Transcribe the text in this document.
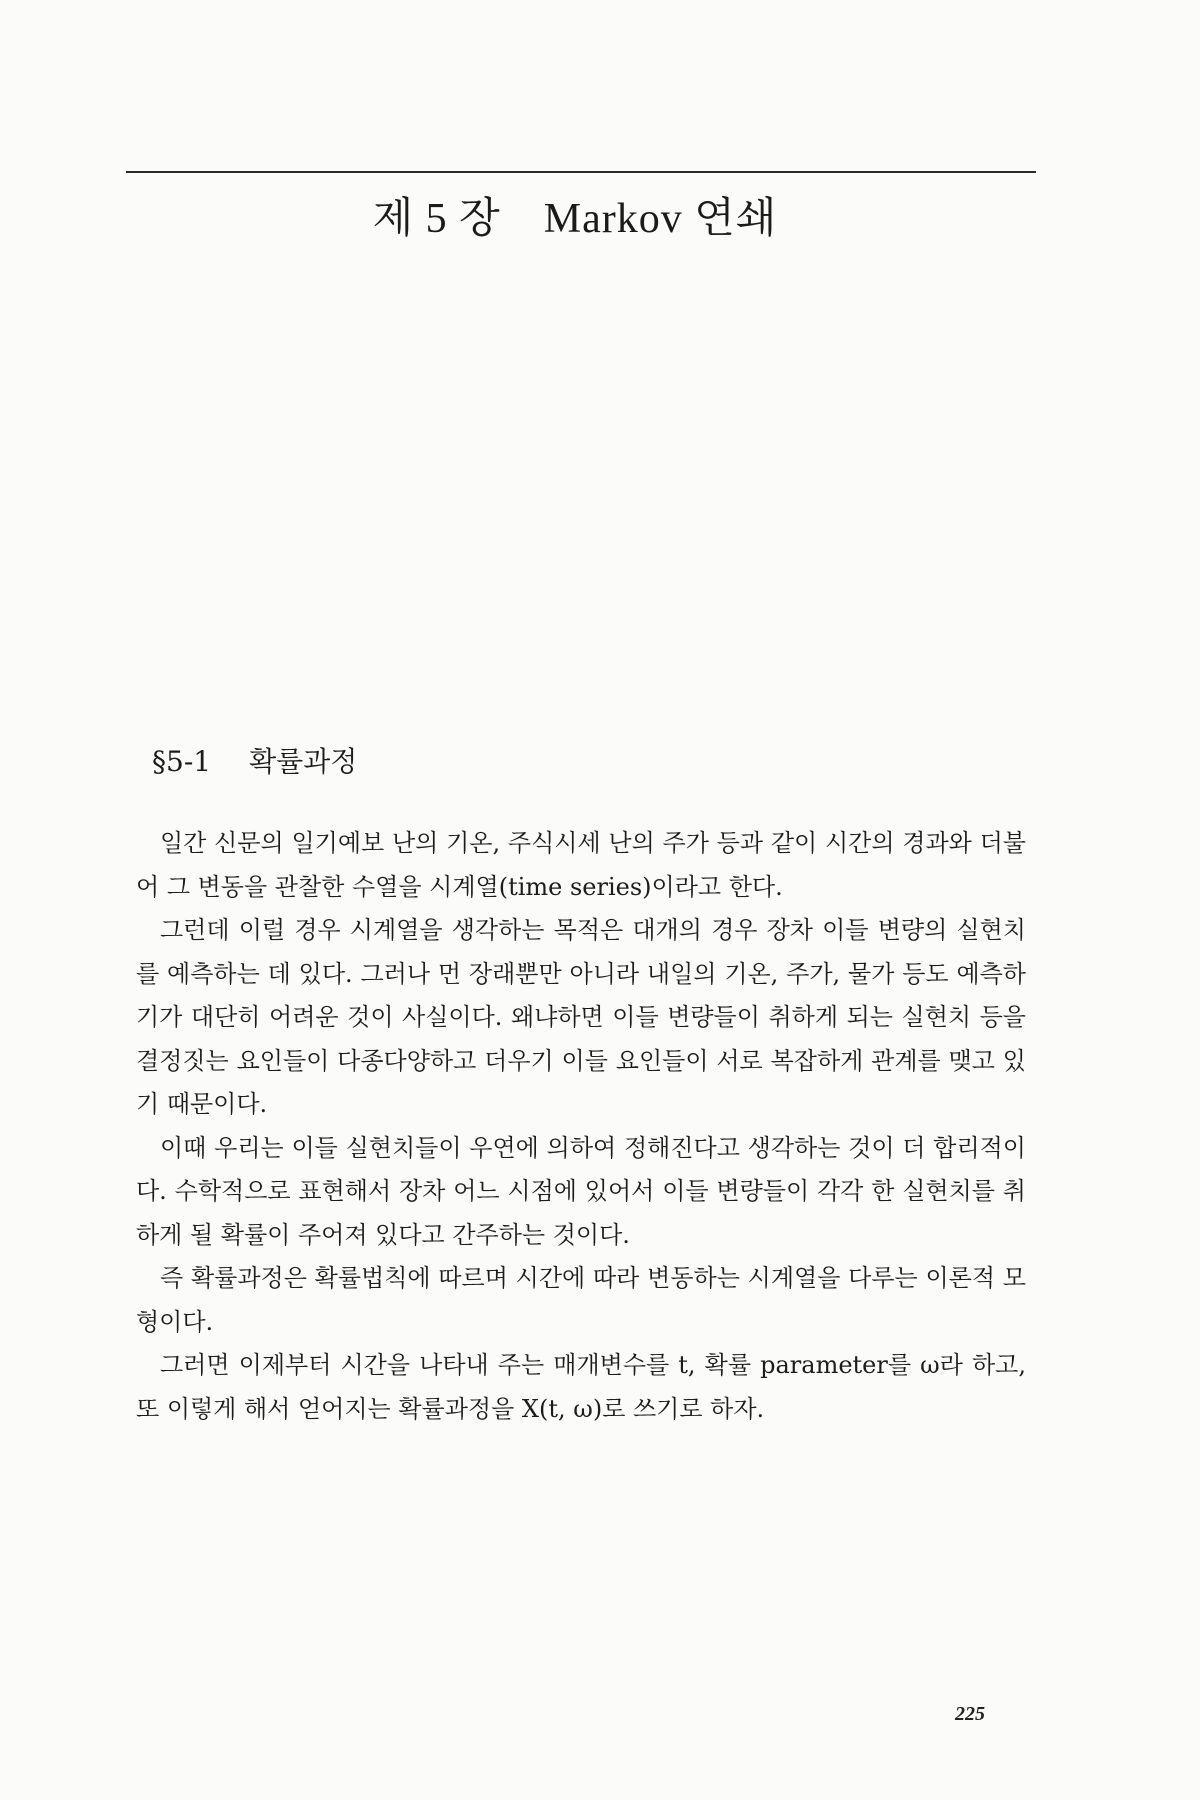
제 5 장　Markov 연쇄
§5-1 확률과정

일간 신문의 일기예보 난의 기온, 주식시세 난의 주가 등과 같이 시간의 경과와 더불어 그 변동을 관찰한 수열을 시계열(time series)이라고 한다.

그런데 이럴 경우 시계열을 생각하는 목적은 대개의 경우 장차 이들 변량의 실현치를 예측하는 데 있다. 그러나 먼 장래뿐만 아니라 내일의 기온, 주가, 물가 등도 예측하기가 대단히 어려운 것이 사실이다. 왜냐하면 이들 변량들이 취하게 되는 실현치 등을 결정짓는 요인들이 다종다양하고 더우기 이들 요인들이 서로 복잡하게 관계를 맺고 있기 때문이다.

이때 우리는 이들 실현치들이 우연에 의하여 정해진다고 생각하는 것이 더 합리적이다. 수학적으로 표현해서 장차 어느 시점에 있어서 이들 변량들이 각각 한 실현치를 취하게 될 확률이 주어져 있다고 간주하는 것이다.

즉 확률과정은 확률법칙에 따르며 시간에 따라 변동하는 시계열을 다루는 이론적 모형이다.

그러면 이제부터 시간을 나타내 주는 매개변수를 t, 확률 parameter를 ω라 하고, 또 이렇게 해서 얻어지는 확률과정을 X(t, ω)로 쓰기로 하자.

225
